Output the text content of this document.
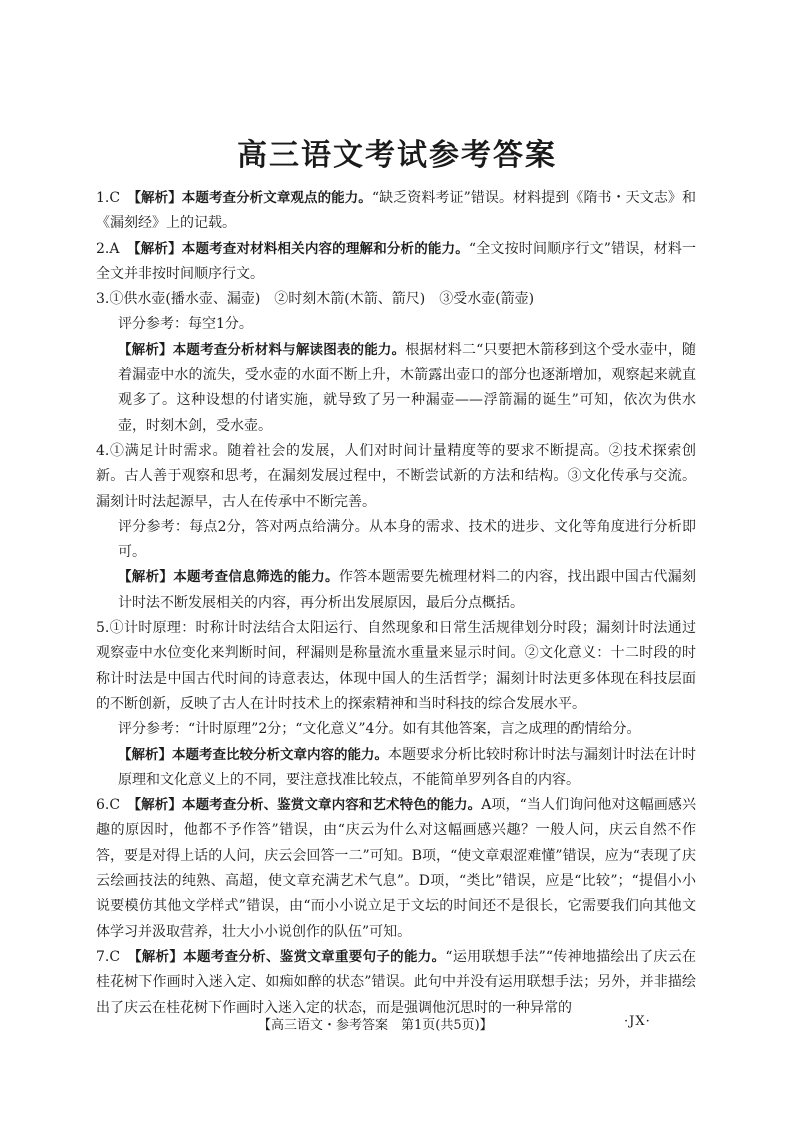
高三语文考试参考答案

1.C　 【解析】本题考查分析文章观点的能力。“缺乏资料考证”错误。材料提到《隋书・天文志》和《漏刻经》上的记载。

2.A　 【解析】本题考查对材料相关内容的理解和分析的能力。“全文按时间顺序行文”错误，材料一全文并非按时间顺序行文。

3.①供水壶(播水壶、漏壶)　②时刻木箭(木箭、箭尺)　③受水壶(箭壶)

评分参考：每空1分。

【解析】本题考查分析材料与解读图表的能力。根据材料二“只要把木箭移到这个受水壶中，随着漏壶中水的流失，受水壶的水面不断上升，木箭露出壶口的部分也逐渐增加，观察起来就直观多了。这种设想的付诸实施，就导致了另一种漏壶——浮箭漏的诞生”可知，依次为供水壶，时刻木剑，受水壶。

4.①满足计时需求。随着社会的发展，人们对时间计量精度等的要求不断提高。②技术探索创新。古人善于观察和思考，在漏刻发展过程中，不断尝试新的方法和结构。③文化传承与交流。漏刻计时法起源早，古人在传承中不断完善。

评分参考：每点2分，答对两点给满分。从本身的需求、技术的进步、文化等角度进行分析即可。

【解析】本题考查信息筛选的能力。作答本题需要先梳理材料二的内容，找出跟中国古代漏刻计时法不断发展相关的内容，再分析出发展原因，最后分点概括。

5.①计时原理：时称计时法结合太阳运行、自然现象和日常生活规律划分时段；漏刻计时法通过观察壶中水位变化来判断时间，秤漏则是称量流水重量来显示时间。②文化意义：十二时段的时称计时法是中国古代时间的诗意表达，体现中国人的生活哲学；漏刻计时法更多体现在科技层面的不断创新，反映了古人在计时技术上的探索精神和当时科技的综合发展水平。

评分参考：“计时原理”2分；“文化意义”4分。如有其他答案，言之成理的酌情给分。

【解析】本题考查比较分析文章内容的能力。本题要求分析比较时称计时法与漏刻计时法在计时原理和文化意义上的不同，要注意找准比较点，不能简单罗列各自的内容。

6.C　 【解析】本题考查分析、鉴赏文章内容和艺术特色的能力。A项，“当人们询问他对这幅画感兴趣的原因时，他都不予作答”错误，由“庆云为什么对这幅画感兴趣？一般人问，庆云自然不作答，要是对得上话的人问，庆云会回答一二”可知。B项，“使文章艰涩难懂”错误，应为“表现了庆云绘画技法的纯熟、高超，使文章充满艺术气息”。D项，“类比”错误，应是“比较”；“提倡小小说要模仿其他文学样式”错误，由“而小小说立足于文坛的时间还不是很长，它需要我们向其他文体学习并汲取营养，壮大小小说创作的队伍”可知。

7.C　 【解析】本题考查分析、鉴赏文章重要句子的能力。“运用联想手法”“传神地描绘出了庆云在桂花树下作画时入迷入定、如痴如醉的状态”错误。此句中并没有运用联想手法；另外，并非描绘出了庆云在桂花树下作画时入迷入定的状态，而是强调他沉思时的一种异常的

【高三语文・参考答案　第1页(共5页)】	·JX·
